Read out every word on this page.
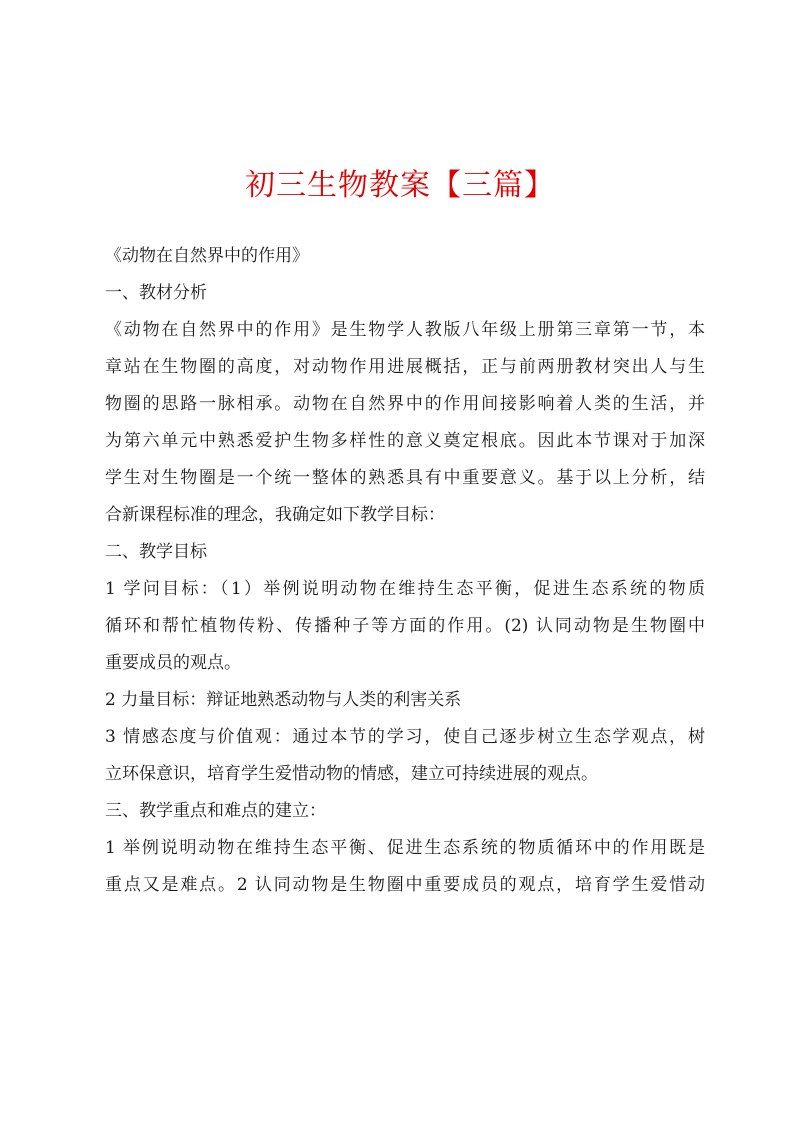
初三生物教案【三篇】
《动物在自然界中的作用》
一、教材分析
《动物在自然界中的作用》是生物学人教版八年级上册第三章第一节，本
章站在生物圈的高度，对动物作用进展概括，正与前两册教材突出人与生
物圈的思路一脉相承。动物在自然界中的作用间接影响着人类的生活，并
为第六单元中熟悉爱护生物多样性的意义奠定根底。因此本节课对于加深
学生对生物圈是一个统一整体的熟悉具有中重要意义。基于以上分析，结
合新课程标准的理念，我确定如下教学目标：
二、教学目标
1 学问目标：（1）举例说明动物在维持生态平衡，促进生态系统的物质
循环和帮忙植物传粉、传播种子等方面的作用。(2) 认同动物是生物圈中
重要成员的观点。
2 力量目标：辩证地熟悉动物与人类的利害关系
3 情感态度与价值观：通过本节的学习，使自己逐步树立生态学观点，树
立环保意识，培育学生爱惜动物的情感，建立可持续进展的观点。
三、教学重点和难点的建立：
1 举例说明动物在维持生态平衡、促进生态系统的物质循环中的作用既是
重点又是难点。2 认同动物是生物圈中重要成员的观点，培育学生爱惜动
